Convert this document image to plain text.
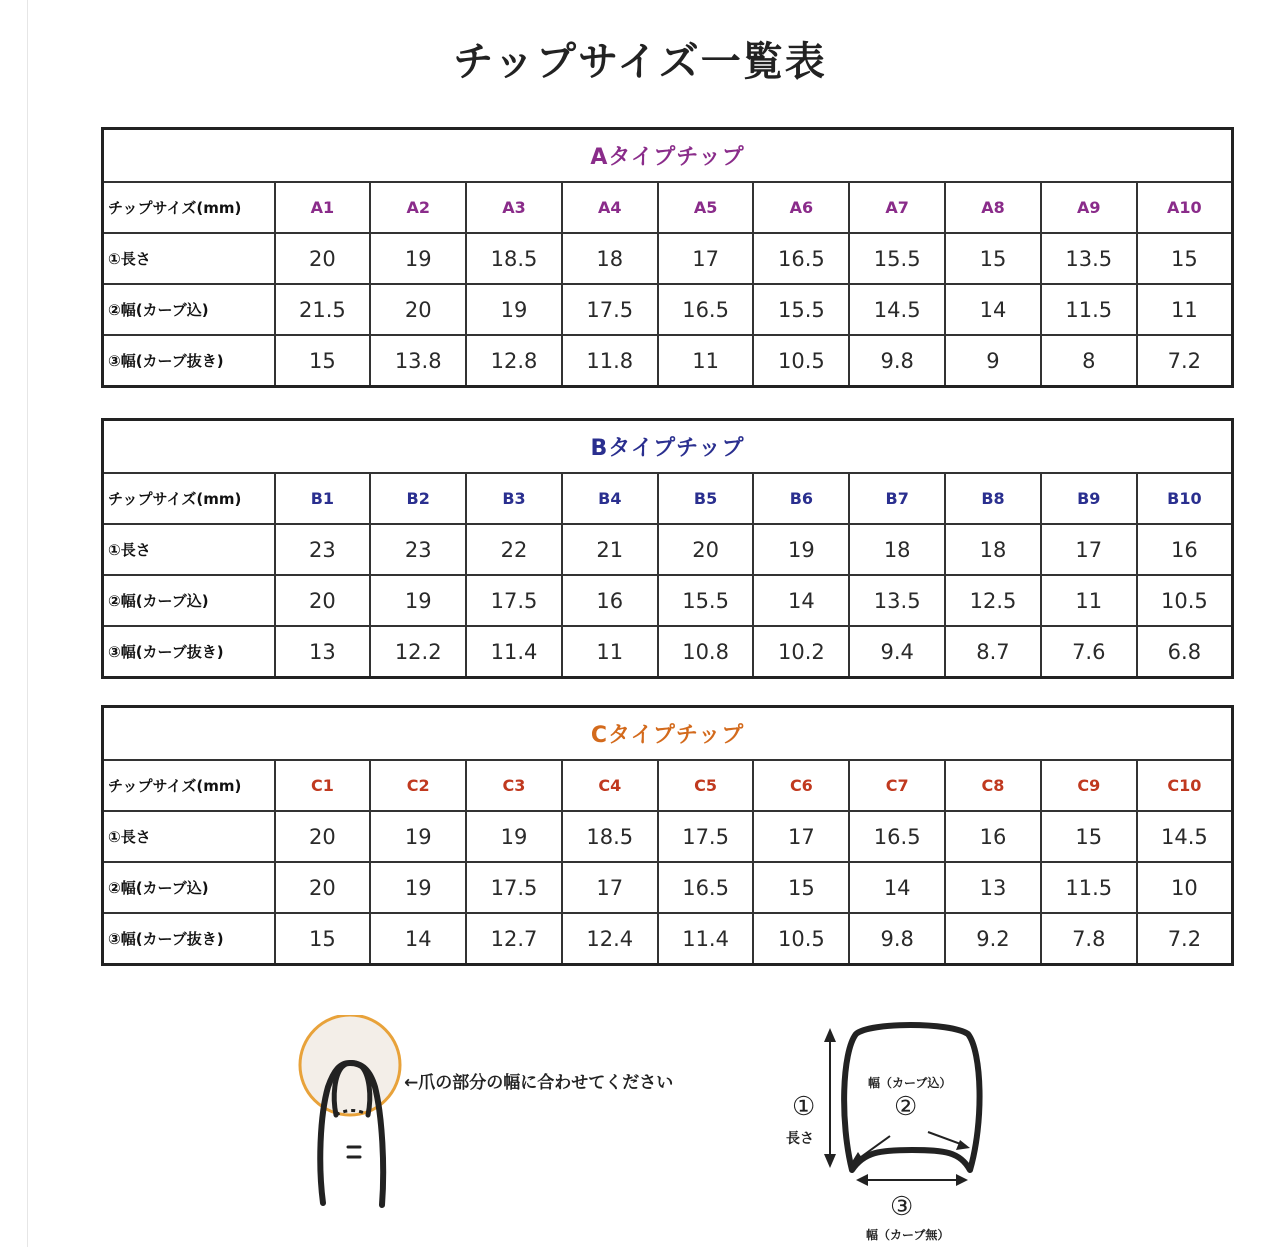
チップサイズ一覧表
Aタイプチップ										
チップサイズ(mm)	A1	A2	A3	A4	A5	A6	A7	A8	A9	A10
①長さ	20	19	18.5	18	17	16.5	15.5	15	13.5	15
②幅(カーブ込)	21.5	20	19	17.5	16.5	15.5	14.5	14	11.5	11
③幅(カーブ抜き)	15	13.8	12.8	11.8	11	10.5	9.8	9	8	7.2
Bタイプチップ										
チップサイズ(mm)	B1	B2	B3	B4	B5	B6	B7	B8	B9	B10
①長さ	23	23	22	21	20	19	18	18	17	16
②幅(カーブ込)	20	19	17.5	16	15.5	14	13.5	12.5	11	10.5
③幅(カーブ抜き)	13	12.2	11.4	11	10.8	10.2	9.4	8.7	7.6	6.8
Cタイプチップ										
チップサイズ(mm)	C1	C2	C3	C4	C5	C6	C7	C8	C9	C10
①長さ	20	19	19	18.5	17.5	17	16.5	16	15	14.5
②幅(カーブ込)	20	19	17.5	17	16.5	15	14	13	11.5	10
③幅(カーブ抜き)	15	14	12.7	12.4	11.4	10.5	9.8	9.2	7.8	7.2
←爪の部分の幅に合わせてください
①
長さ
幅（カーブ込）
②
③
幅（カーブ無）
